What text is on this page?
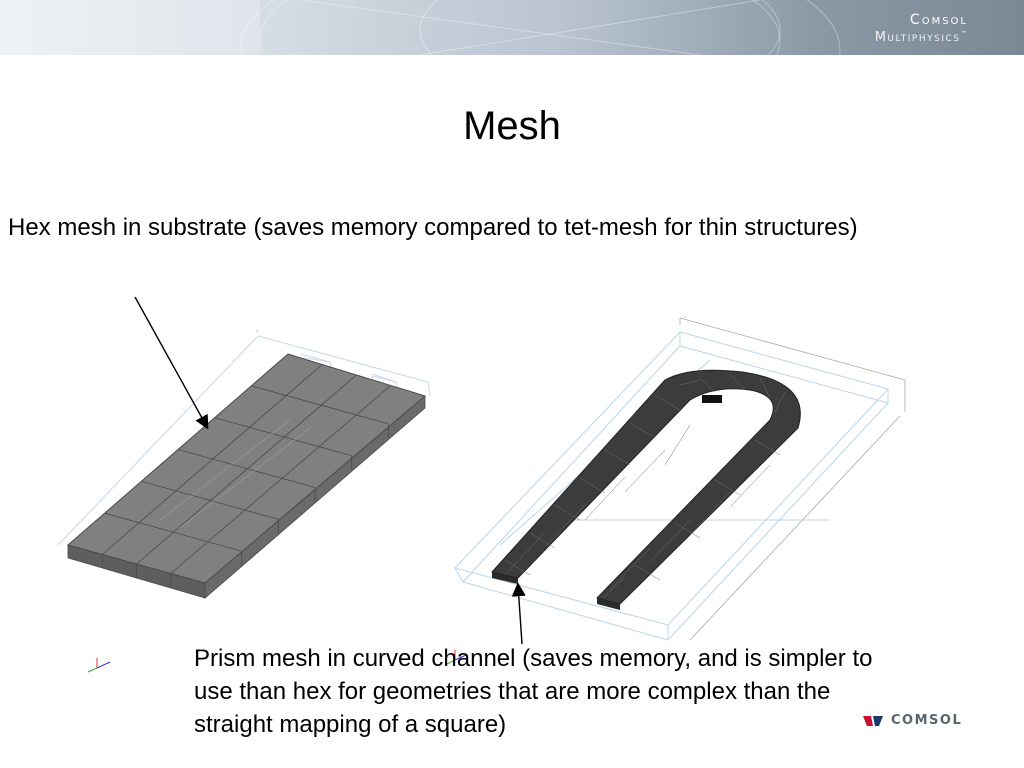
Comsol
Multiphysics™
Mesh
Hex mesh in substrate (saves memory compared to tet-mesh for thin structures)
z
z
Prism mesh in curved channel (saves memory, and is simpler to use than hex for geometries that are more complex than the straight mapping of a square)	COMSOL
